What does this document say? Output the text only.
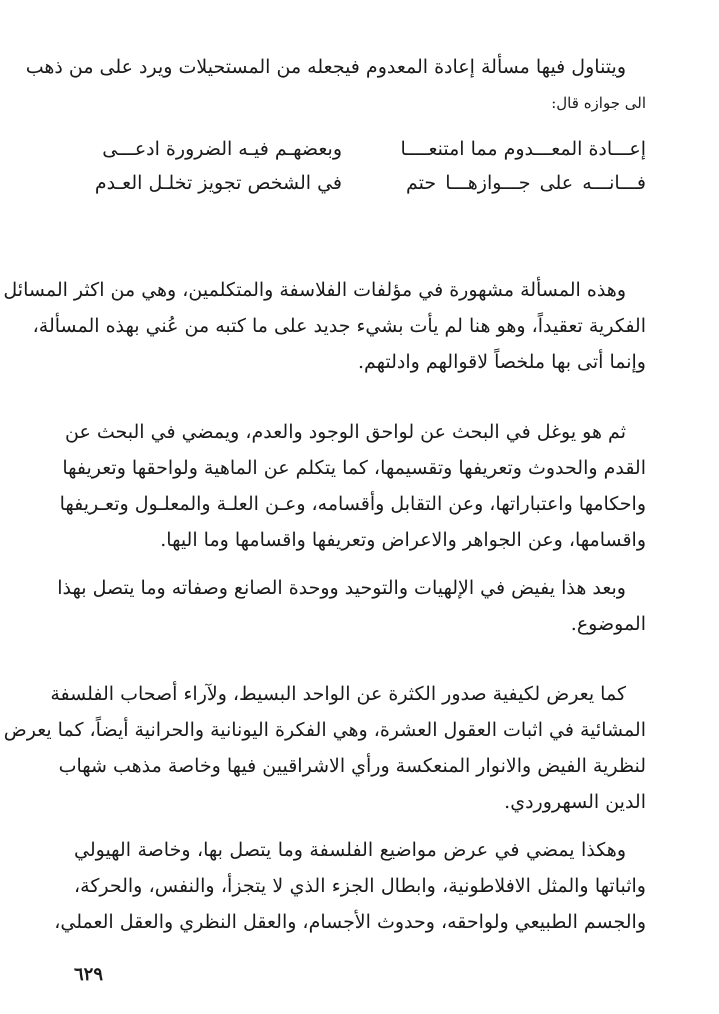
ويتناول فيها مسألة إعادة المعدوم فيجعله من المستحيلات ويرد على من ذهب
الى جوازه قال:
إعـــادة المعـــدوم مما امتنعــــا
وبعضهـم فيـه الضرورة ادعـــى
فـــانـــه على جـــوازهـــا حتم
في الشخص تجويز تخلـل العـدم
وهذه المسألة مشهورة في مؤلفات الفلاسفة والمتكلمين، وهي من اكثر المسائل
الفكرية تعقيداً، وهو هنا لم يأت بشيء جديد على ما كتبه من عُني بهذه المسألة،
وإنما أتى بها ملخصاً لاقوالهم وادلتهم.
ثم هو يوغل في البحث عن لواحق الوجود والعدم، ويمضي في البحث عن
القدم والحدوث وتعريفها وتقسيمها، كما يتكلم عن الماهية ولواحقها وتعريفها
واحكامها واعتباراتها، وعن التقابل وأقسامه، وعـن العلـة والمعلـول وتعـريفها
واقسامها، وعن الجواهر والاعراض وتعريفها واقسامها وما اليها.
وبعد هذا يفيض في الإلهيات والتوحيد ووحدة الصانع وصفاته وما يتصل بهذا
الموضوع.
كما يعرض لكيفية صدور الكثرة عن الواحد البسيط، ولآراء أصحاب الفلسفة
المشائية في اثبات العقول العشرة، وهي الفكرة اليونانية والحرانية أيضاً، كما يعرض
لنظرية الفيض والانوار المنعكسة ورأي الاشراقيين فيها وخاصة مذهب شهاب
الدين السهروردي.
وهكذا يمضي في عرض مواضيع الفلسفة وما يتصل بها، وخاصة الهيولي
واثباتها والمثل الافلاطونية، وابطال الجزء الذي لا يتجزأ، والنفس، والحركة،
والجسم الطبيعي ولواحقه، وحدوث الأجسام، والعقل النظري والعقل العملي،
٦٢٩
